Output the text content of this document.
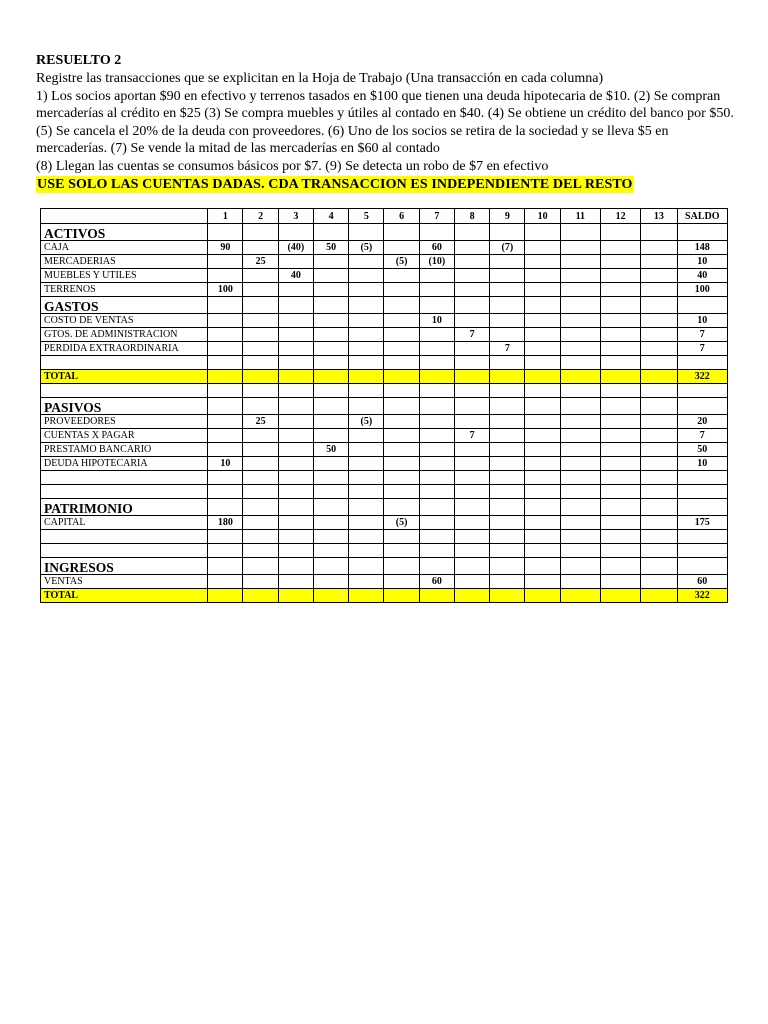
RESUELTO 2
Registre las transacciones que se explicitan en la Hoja de Trabajo (Una transacción en cada columna)
1) Los socios aportan $90 en efectivo y terrenos tasados en $100 que tienen una deuda hipotecaria de $10. (2) Se compran mercaderías al crédito en $25 (3) Se compra muebles y útiles al contado en $40. (4) Se obtiene un crédito del banco por $50. (5) Se cancela el 20% de la deuda con proveedores. (6) Uno de los socios se retira de la sociedad y se lleva $5 en mercaderías. (7) Se vende la mitad de las mercaderías en $60 al contado
(8) Llegan las cuentas se consumos básicos por $7. (9) Se detecta un robo de $7 en efectivo
USE SOLO LAS CUENTAS DADAS. CDA TRANSACCION ES INDEPENDIENTE DEL RESTO
	1	2	3	4	5	6	7	8	9	10	11	12	13	SALDO
ACTIVOS														
CAJA	90		(40)	50	(5)		60		(7)					148
MERCADERIAS		25				(5)	(10)							10
MUEBLES Y UTILES			40											40
TERRENOS	100													100
GASTOS														
COSTO DE VENTAS							10							10
GTOS. DE ADMINISTRACION								7						7
PERDIDA EXTRAORDINARIA									7					7

TOTAL														322

PASIVOS														
PROVEEDORES		25			(5)									20
CUENTAS X PAGAR								7						7
PRESTAMO BANCARIO				50										50
DEUDA HIPOTECARIA	10													10

PATRIMONIO														
CAPITAL	180					(5)								175

INGRESOS														
VENTAS							60							60
TOTAL														322
